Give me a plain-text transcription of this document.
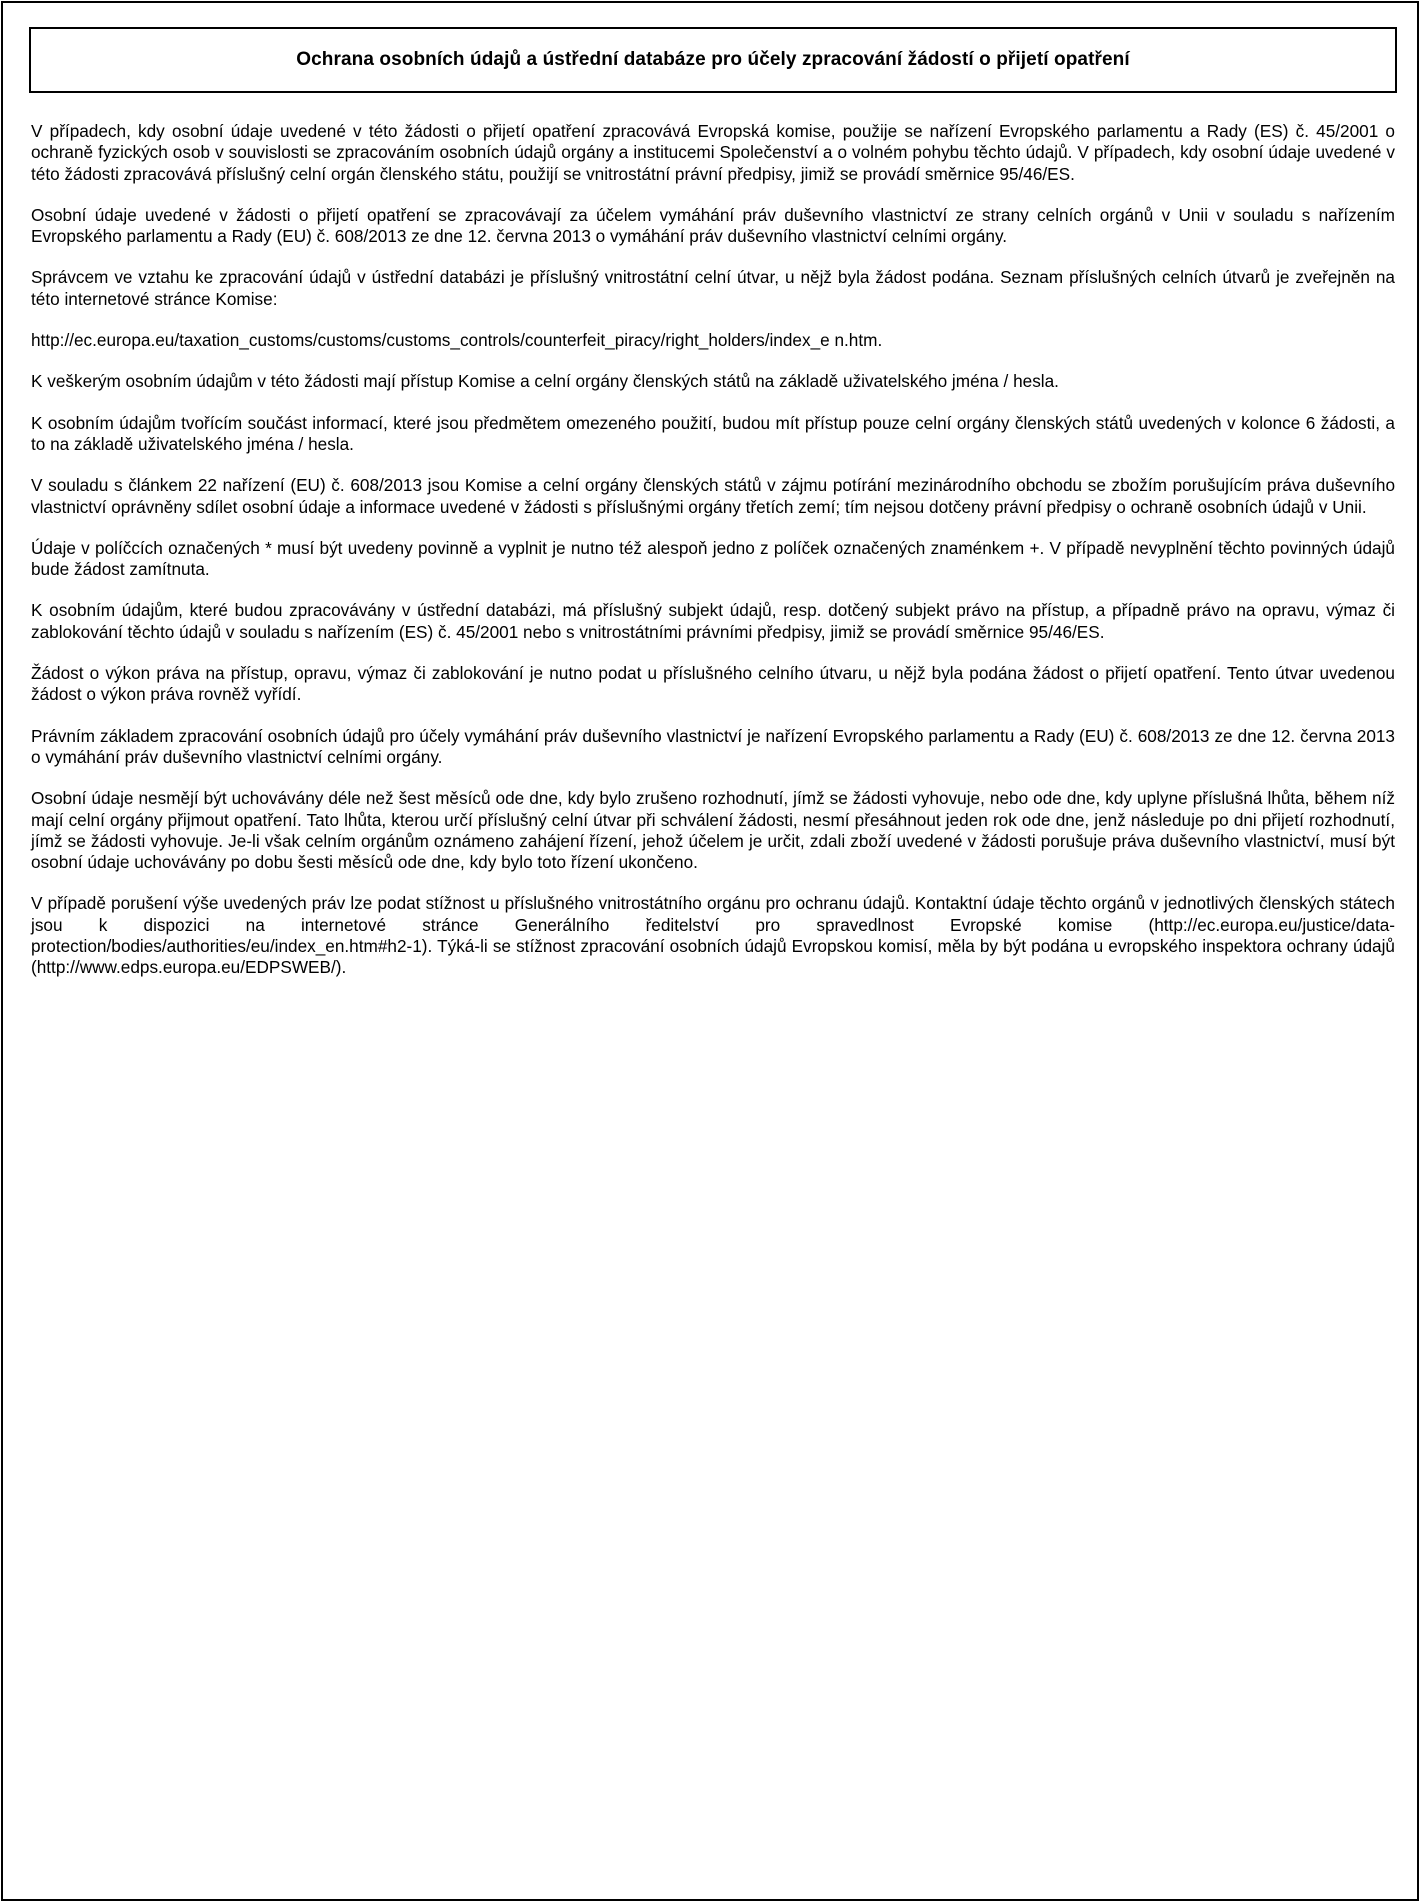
Ochrana osobních údajů a ústřední databáze pro účely zpracování žádostí o přijetí opatření

V případech, kdy osobní údaje uvedené v této žádosti o přijetí opatření zpracovává Evropská komise, použije se nařízení Evropského parlamentu a Rady (ES) č. 45/2001 o ochraně fyzických osob v souvislosti se zpracováním osobních údajů orgány a institucemi Společenství a o volném pohybu těchto údajů. V případech, kdy osobní údaje uvedené v této žádosti zpracovává příslušný celní orgán členského státu, použijí se vnitrostátní právní předpisy, jimiž se provádí směrnice 95/46/ES.

Osobní údaje uvedené v žádosti o přijetí opatření se zpracovávají za účelem vymáhání práv duševního vlastnictví ze strany celních orgánů v Unii v souladu s nařízením Evropského parlamentu a Rady (EU) č. 608/2013 ze dne 12. června 2013 o vymáhání práv duševního vlastnictví celními orgány.

Správcem ve vztahu ke zpracování údajů v ústřední databázi je příslušný vnitrostátní celní útvar, u nějž byla žádost podána. Seznam příslušných celních útvarů je zveřejněn na této internetové stránce Komise:

http://ec.europa.eu/taxation_customs/customs/customs_controls/counterfeit_piracy/right_holders/index_e n.htm.

K veškerým osobním údajům v této žádosti mají přístup Komise a celní orgány členských států na základě uživatelského jména / hesla.

K osobním údajům tvořícím součást informací, které jsou předmětem omezeného použití, budou mít přístup pouze celní orgány členských států uvedených v kolonce 6 žádosti, a to na základě uživatelského jména / hesla.

V souladu s článkem 22 nařízení (EU) č. 608/2013 jsou Komise a celní orgány členských států v zájmu potírání mezinárodního obchodu se zbožím porušujícím práva duševního vlastnictví oprávněny sdílet osobní údaje a informace uvedené v žádosti s příslušnými orgány třetích zemí; tím nejsou dotčeny právní předpisy o ochraně osobních údajů v Unii.

Údaje v políčcích označených * musí být uvedeny povinně a vyplnit je nutno též alespoň jedno z políček označených znaménkem +. V případě nevyplnění těchto povinných údajů bude žádost zamítnuta.

K osobním údajům, které budou zpracovávány v ústřední databázi, má příslušný subjekt údajů, resp. dotčený subjekt právo na přístup, a případně právo na opravu, výmaz či zablokování těchto údajů v souladu s nařízením (ES) č. 45/2001 nebo s vnitrostátními právními předpisy, jimiž se provádí směrnice 95/46/ES.

Žádost o výkon práva na přístup, opravu, výmaz či zablokování je nutno podat u příslušného celního útvaru, u nějž byla podána žádost o přijetí opatření. Tento útvar uvedenou žádost o výkon práva rovněž vyřídí.

Právním základem zpracování osobních údajů pro účely vymáhání práv duševního vlastnictví je nařízení Evropského parlamentu a Rady (EU) č. 608/2013 ze dne 12. června 2013 o vymáhání práv duševního vlastnictví celními orgány.

Osobní údaje nesmějí být uchovávány déle než šest měsíců ode dne, kdy bylo zrušeno rozhodnutí, jímž se žádosti vyhovuje, nebo ode dne, kdy uplyne příslušná lhůta, během níž mají celní orgány přijmout opatření. Tato lhůta, kterou určí příslušný celní útvar při schválení žádosti, nesmí přesáhnout jeden rok ode dne, jenž následuje po dni přijetí rozhodnutí, jímž se žádosti vyhovuje. Je-li však celním orgánům oznámeno zahájení řízení, jehož účelem je určit, zdali zboží uvedené v žádosti porušuje práva duševního vlastnictví, musí být osobní údaje uchovávány po dobu šesti měsíců ode dne, kdy bylo toto řízení ukončeno.

V případě porušení výše uvedených práv lze podat stížnost u příslušného vnitrostátního orgánu pro ochranu údajů. Kontaktní údaje těchto orgánů v jednotlivých členských státech jsou k dispozici na internetové stránce Generálního ředitelství pro spravedlnost Evropské komise (http://ec.europa.eu/justice/data-protection/bodies/authorities/eu/index_en.htm#h2-1). Týká-li se stížnost zpracování osobních údajů Evropskou komisí, měla by být podána u evropského inspektora ochrany údajů (http://www.edps.europa.eu/EDPSWEB/).
